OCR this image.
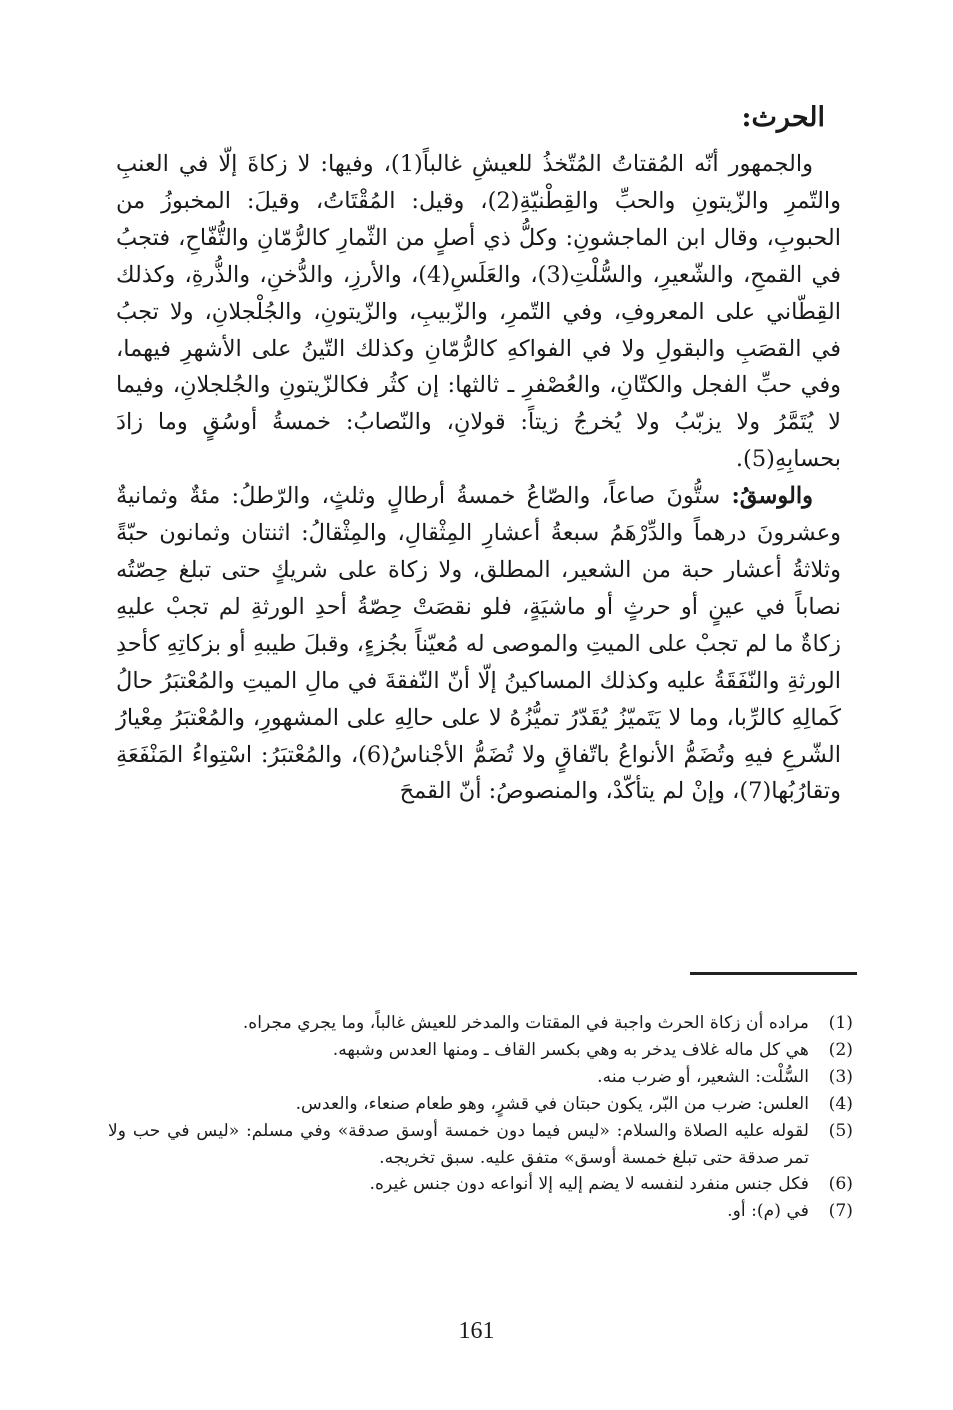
الحرث:

والجمهور أنّه المُقتاتُ المُتّخذُ للعيشِ غالباً(1)، وفيها: لا زكاةَ إلّا في العنبِ والتّمرِ والزّيتونِ والحبِّ والقِطْنيّةِ(2)، وقيل: المُقْتَاتُ، وقيلَ: المخبوزُ من الحبوبِ، وقال ابن الماجشونِ: وكلُّ ذي أصلٍ من الثّمارِ كالرُّمّانِ والتُّفّاحِ، فتجبُ في القمحِ، والشّعيرِ، والسُّلْتِ(3)، والعَلَسِ(4)، والأرزِ، والدُّخنِ، والذُّرةِ، وكذلك القِطّاني على المعروفِ، وفي التّمرِ، والزّبيبِ، والزّيتونِ، والجُلْجلانِ، ولا تجبُ في القصَبِ والبقولِ ولا في الفواكهِ كالرُّمّانِ وكذلك التّينُ على الأشهرِ فيهما، وفي حبِّ الفجل والكتّانِ، والعُصْفرِ ـ ثالثها: إن كثُر فكالزّيتونِ والجُلجلانِ، وفيما لا يُتَمَّرُ ولا يزبّبُ ولا يُخرجُ زيتاً: قولانِ، والنّصابُ: خمسةُ أوسُقٍ وما زادَ بحسابِهِ(5).

والوسقُ: ستُّونَ صاعاً، والصّاعُ خمسةُ أرطالٍ وثلثٍ، والرّطلُ: مئةٌ وثمانيةٌ وعشرونَ درهماً والدِّرْهَمُ سبعةُ أعشارِ المِثْقالِ، والمِثْقالُ: اثنتان وثمانون حبّةً وثلاثةُ أعشار حبة من الشعير، المطلق، ولا زكاة على شريكٍ حتى تبلغ حِصّتُه نصاباً في عينٍ أو حرثٍ أو ماشيَةٍ، فلو نقصَتْ حِصّةُ أحدِ الورثةِ لم تجبْ عليهِ زكاةٌ ما لم تجبْ على الميتِ والموصى له مُعيّناً بجُزءٍ، وقبلَ طيبهِ أو بزكاتِهِ كأحدِ الورثةِ والنّفَقَةُ عليه وكذلك المساكينُ إلّا أنّ النّفقةَ في مالِ الميتِ والمُعْتبَرُ حالُ كَمالِهِ كالرِّبا، وما لا يَتَميّزُ يُقَدّرُ تميُّزُهُ لا على حالِهِ على المشهورِ، والمُعْتبَرُ مِعْيارُ الشّرعِ فيهِ وتُضَمُّ الأنواعُ باتّفاقٍ ولا تُضَمُّ الأجْناسُ(6)، والمُعْتبَرُ: اسْتِواءُ المَنْفَعَةِ وتقارُبُها(7)، وإنْ لم يتأكّدْ، والمنصوصُ: أنّ القمحَ

(1)
مراده أن زكاة الحرث واجبة في المقتات والمدخر للعيش غالباً، وما يجري مجراه.
(2)
هي كل ماله غلاف يدخر به وهي بكسر القاف ـ ومنها العدس وشبهه.
(3)
السُّلْت: الشعير، أو ضرب منه.
(4)
العلس: ضرب من البّر، يكون حبتان في قشرٍ، وهو طعام صنعاء، والعدس.
(5)
لقوله عليه الصلاة والسلام: «ليس فيما دون خمسة أوسق صدقة» وفي مسلم: «ليس في حب ولا تمر صدقة حتى تبلغ خمسة أوسق» متفق عليه. سبق تخريجه.
(6)
فكل جنس منفرد لنفسه لا يضم إليه إلا أنواعه دون جنس غيره.
(7)
في (م): أو.
161
